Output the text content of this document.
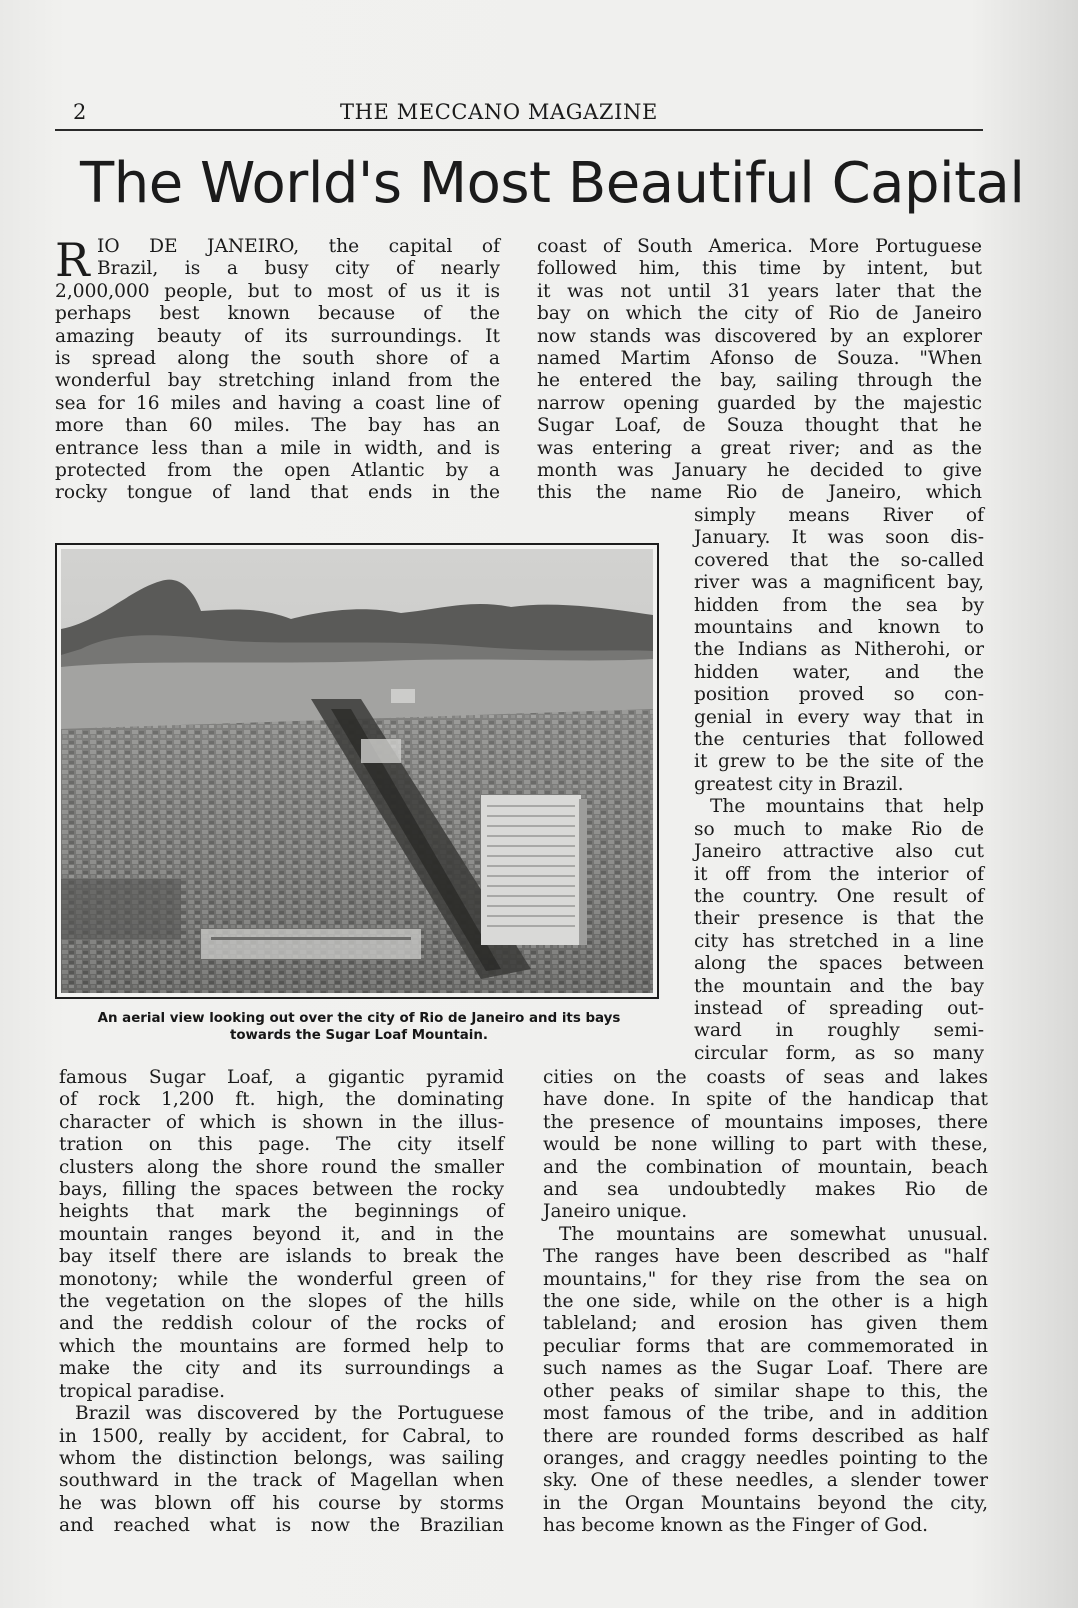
2	THE MECCANO MAGAZINE
The World's Most Beautiful Capital
R IO DE JANEIRO, the capital of

Brazil, is a busy city of nearly

2,000,000 people, but to most of us it is

perhaps best known because of the

amazing beauty of its surroundings. It

is spread along the south shore of a

wonderful bay stretching inland from the

sea for 16 miles and having a coast line of

more than 60 miles. The bay has an

entrance less than a mile in width, and is

protected from the open Atlantic by a

rocky tongue of land that ends in the

coast of South America. More Portuguese

followed him, this time by intent, but

it was not until 31 years later that the

bay on which the city of Rio de Janeiro

now stands was discovered by an explorer

named Martim Afonso de Souza. "When

he entered the bay, sailing through the

narrow opening guarded by the majestic

Sugar Loaf, de Souza thought that he

was entering a great river; and as the

month was January he decided to give

this the name Rio de Janeiro, which

simply means River of

January. It was soon dis-

covered that the so-called

river was a magnificent bay,

hidden from the sea by

mountains and known to

the Indians as Nitherohi, or

hidden water, and the

position proved so con-

genial in every way that in

the centuries that followed

it grew to be the site of the

greatest city in Brazil.

The mountains that help

so much to make Rio de

Janeiro attractive also cut

it off from the interior of

the country. One result of

their presence is that the

city has stretched in a line

along the spaces between

the mountain and the bay

instead of spreading out-

ward in roughly semi-

circular form, as so many

An aerial view looking out over the city of Rio de Janeiro and its bays
towards the Sugar Loaf Mountain.

famous Sugar Loaf, a gigantic pyramid

of rock 1,200 ft. high, the dominating

character of which is shown in the illus-

tration on this page. The city itself

clusters along the shore round the smaller

bays, filling the spaces between the rocky

heights that mark the beginnings of

mountain ranges beyond it, and in the

bay itself there are islands to break the

monotony; while the wonderful green of

the vegetation on the slopes of the hills

and the reddish colour of the rocks of

which the mountains are formed help to

make the city and its surroundings a

tropical paradise.

Brazil was discovered by the Portuguese

in 1500, really by accident, for Cabral, to

whom the distinction belongs, was sailing

southward in the track of Magellan when

he was blown off his course by storms

and reached what is now the Brazilian

cities on the coasts of seas and lakes

have done. In spite of the handicap that

the presence of mountains imposes, there

would be none willing to part with these,

and the combination of mountain, beach

and sea undoubtedly makes Rio de

Janeiro unique.

The mountains are somewhat unusual.

The ranges have been described as "half

mountains," for they rise from the sea on

the one side, while on the other is a high

tableland; and erosion has given them

peculiar forms that are commemorated in

such names as the Sugar Loaf. There are

other peaks of similar shape to this, the

most famous of the tribe, and in addition

there are rounded forms described as half

oranges, and craggy needles pointing to the

sky. One of these needles, a slender tower

in the Organ Mountains beyond the city,

has become known as the Finger of God.
